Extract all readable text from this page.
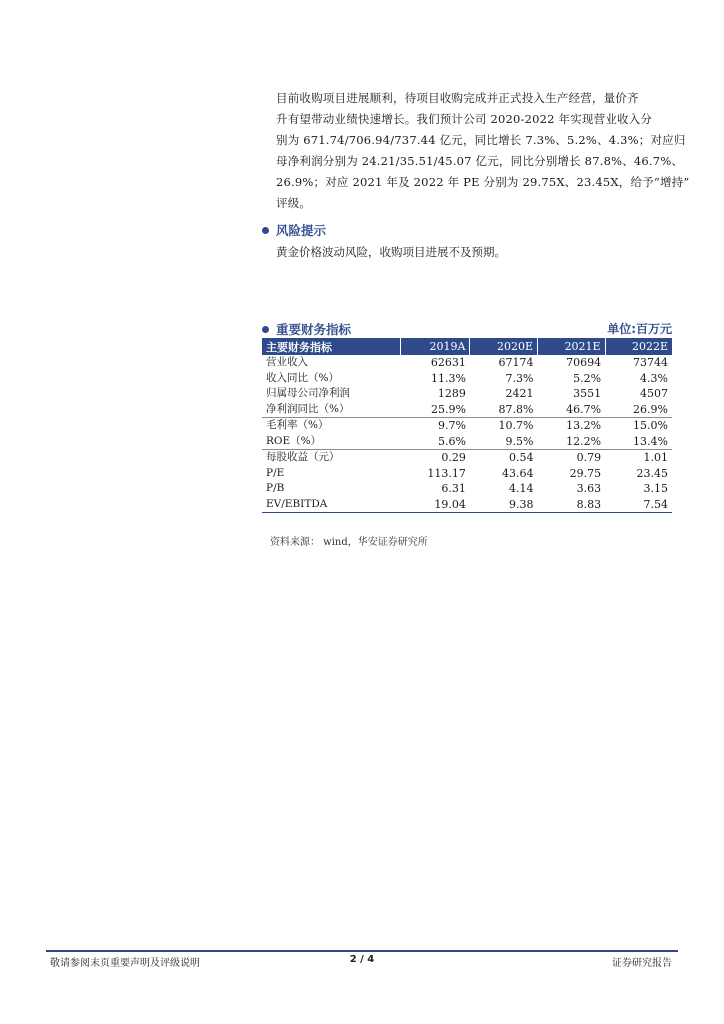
目前收购项目进展顺利，待项目收购完成并正式投入生产经营，量价齐
升有望带动业绩快速增长。我们预计公司 2020-2022 年实现营业收入分
别为 671.74/706.94/737.44 亿元，同比增长 7.3%、5.2%、4.3%；对应归
母净利润分别为 24.21/35.51/45.07 亿元，同比分别增长 87.8%、46.7%、
26.9%；对应 2021 年及 2022 年 PE 分别为 29.75X、23.45X，给予“增持”
评级。
风险提示
黄金价格波动风险，收购项目进展不及预期。
重要财务指标	单位:百万元
主要财务指标	2019A	2020E	2021E	2022E
营业收入	62631	67174	70694	73744
收入同比（%）	11.3%	7.3%	5.2%	4.3%
归属母公司净利润	1289	2421	3551	4507
净利润同比（%）	25.9%	87.8%	46.7%	26.9%
毛利率（%）	9.7%	10.7%	13.2%	15.0%
ROE（%）	5.6%	9.5%	12.2%	13.4%
每股收益（元）	0.29	0.54	0.79	1.01
P/E	113.17	43.64	29.75	23.45
P/B	6.31	4.14	3.63	3.15
EV/EBITDA	19.04	9.38	8.83	7.54
资料来源： wind，华安证券研究所
敬请参阅末页重要声明及评级说明	2 / 4	证券研究报告
